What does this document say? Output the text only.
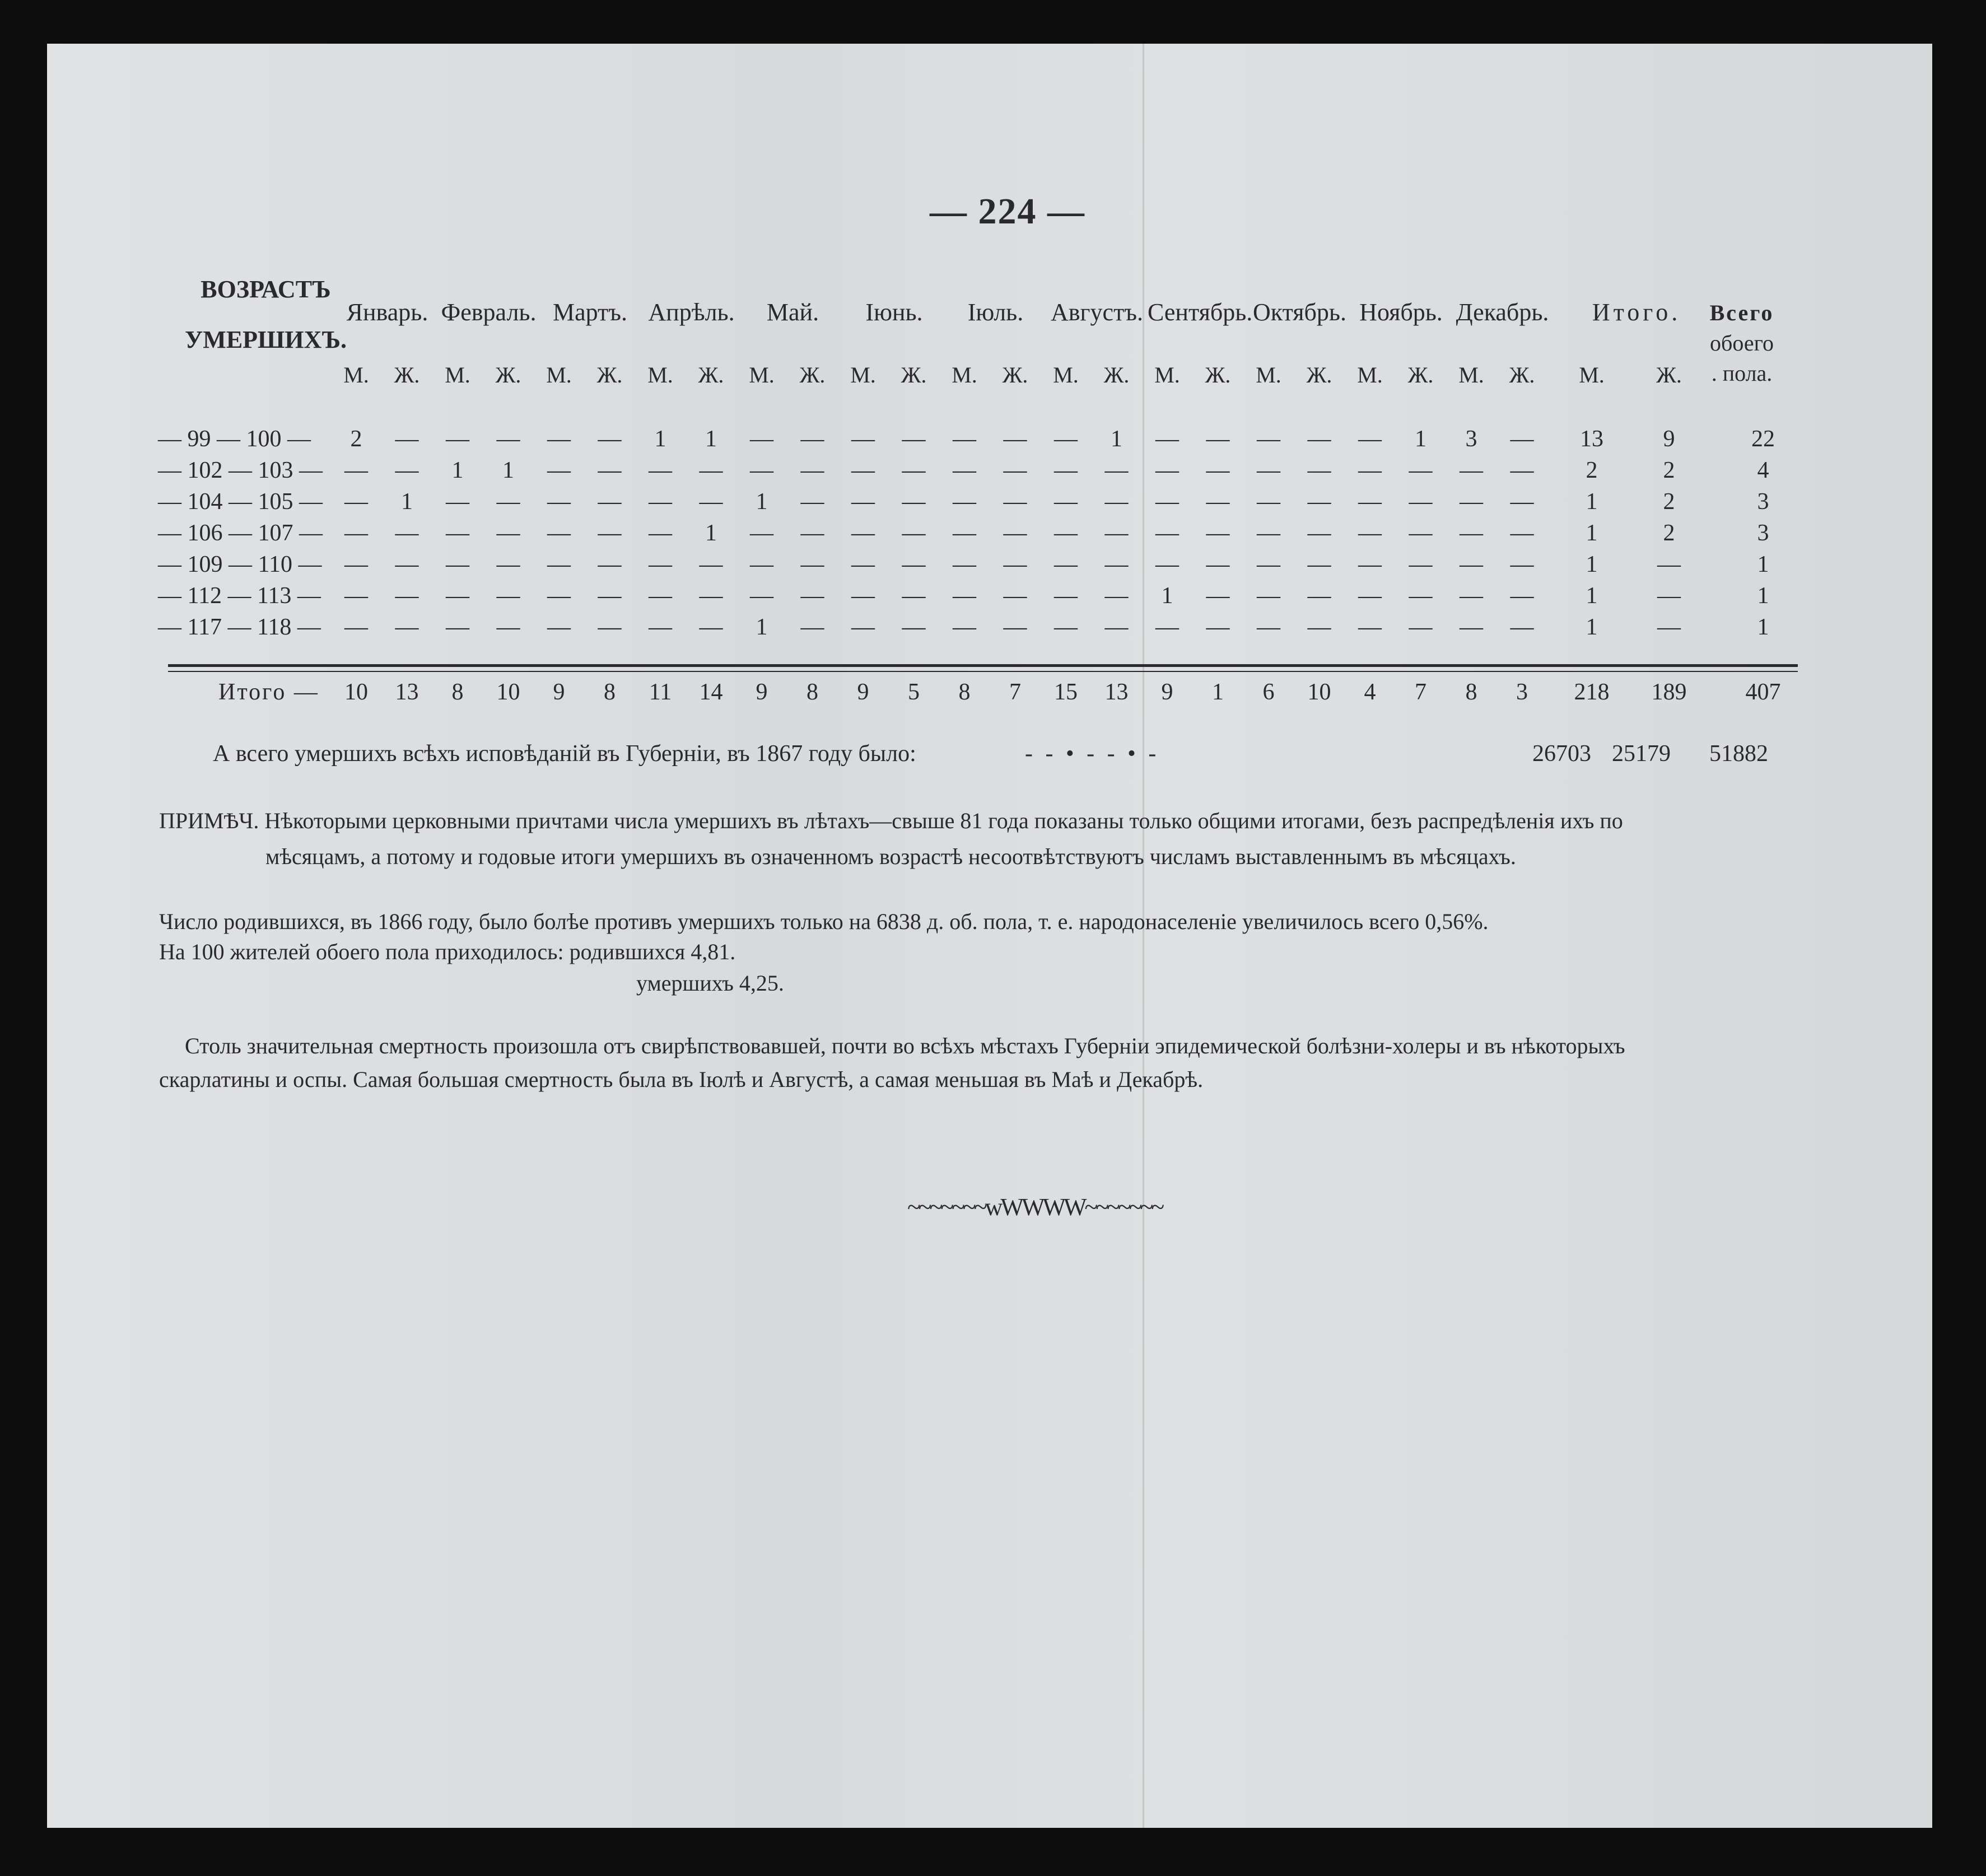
— 224 —
ВОЗРАСТЪ
УМЕРШИХЪ.
Январь. Февраль. Мартъ. Апрѣль.	Май.	Іюнь.	Іюль.	Августъ. Сентябрь. Октябрь. Ноябрь. Декабрь.	Итого.	Всего
обоего
. пола.
М.	Ж.	М.	Ж.	М.	Ж.	М.	Ж.	М.	Ж.	М.	Ж.	М.	Ж.	М.	Ж.	М.	Ж.	М.	Ж.	М.	Ж.	М.	Ж.	М.	Ж.
— 99 — 100 —	2	—	—	—	—	—	1	1	—	—	—	—	—	—	—	1	—	—	—	—	—	1	3	—	13	9	22
— 102 — 103 — —	—	1	1	—	—	—	—	—	—	—	—	—	—	—	—	—	—	—	—	—	—	—	—	2	2	4
— 104 — 105 — —	1	—	—	—	—	—	—	1	—	—	—	—	—	—	—	—	—	—	—	—	—	—	—	1	2	3
— 106 — 107 — —	—	—	—	—	—	—	1	—	—	—	—	—	—	—	—	—	—	—	—	—	—	—	—	1	2	3
— 109 — 110 — —	—	—	—	—	—	—	—	—	—	—	—	—	—	—	—	—	—	—	—	—	—	—	—	1	—	1
— 112 — 113 —	—	—	—	—	—	—	—	—	—	—	—	—	—	—	—	—	1	—	—	—	—	—	—	—	1	—	1
— 117 — 118 —	—	—	—	—	—	—	—	—	1	—	—	—	—	—	—	—	—	—	—	—	—	—	—	—	1	—	1
Итого —	10	13	8	10	9	8	11	14	9	8	9	5	8	7	15	13	9	1	6	10	4	7	8	3	218 189	407
А всего умершихъ всѣхъ исповѣданій въ Губерніи, въ 1867 году было:	- - • - - • -	26703 25179 51882
ПРИМѢЧ. Нѣкоторыми церковными причтами числа умершихъ въ лѣтахъ—свыше 81 года показаны только общими итогами, безъ распредѣленія ихъ по
мѣсяцамъ, а потому и годовые итоги умершихъ въ означенномъ возрастѣ несоотвѣтствуютъ числамъ выставленнымъ въ мѣсяцахъ.
Число родившихся, въ 1866 году, было болѣе противъ умершихъ только на 6838 д. об. пола, т. е. народонаселеніе увеличилось всего 0,56%.
На 100 жителей обоего пола приходилось: родившихся 4,81.
умершихъ 4,25.
Столь значительная смертность произошла отъ свирѣпствовавшей, почти во всѣхъ мѣстахъ Губерніи эпидемической болѣзни-холеры и въ нѣкоторыхъ
скарлатины и оспы. Самая большая смертность была въ Іюлѣ и Августѣ, а самая меньшая въ Маѣ и Декабрѣ.
~~~~~~~wWWWW~~~~~~~
